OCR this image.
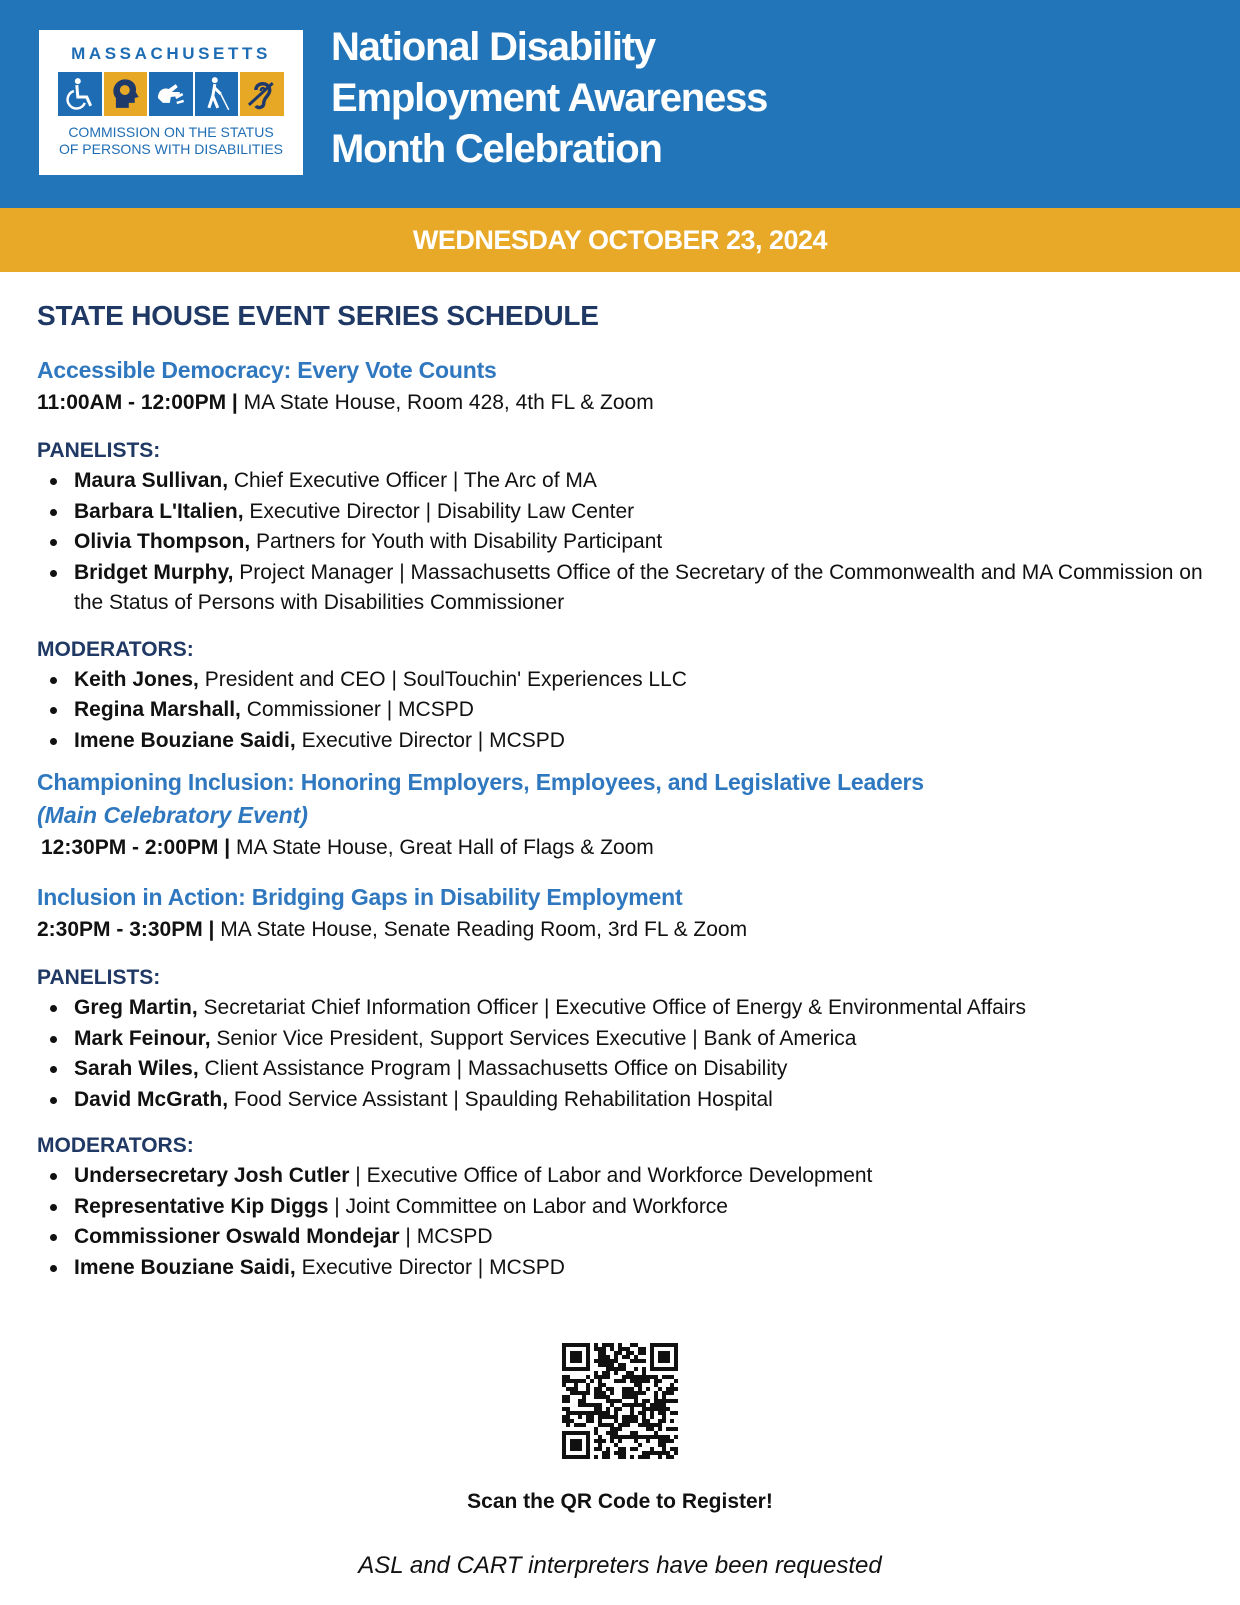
MASSACHUSETTS
COMMISSION ON THE STATUS
OF PERSONS WITH DISABILITIES
National Disability
Employment Awareness
Month Celebration
WEDNESDAY OCTOBER 23, 2024
STATE HOUSE EVENT SERIES SCHEDULE
Accessible Democracy: Every Vote Counts
11:00AM - 12:00PM | MA State House, Room 428, 4th FL & Zoom
PANELISTS:
Maura Sullivan, Chief Executive Officer | The Arc of MA
Barbara L'Italien, Executive Director | Disability Law Center
Olivia Thompson, Partners for Youth with Disability Participant
Bridget Murphy, Project Manager | Massachusetts Office of the Secretary of the Commonwealth and MA Commission on the Status of Persons with Disabilities Commissioner
MODERATORS:
Keith Jones, President and CEO | SoulTouchin' Experiences LLC
Regina Marshall, Commissioner | MCSPD
Imene Bouziane Saidi, Executive Director | MCSPD
Championing Inclusion: Honoring Employers, Employees, and Legislative Leaders
(Main Celebratory Event)
12:30PM - 2:00PM | MA State House, Great Hall of Flags & Zoom
Inclusion in Action: Bridging Gaps in Disability Employment
2:30PM - 3:30PM | MA State House, Senate Reading Room, 3rd FL & Zoom
PANELISTS:
Greg Martin, Secretariat Chief Information Officer | Executive Office of Energy & Environmental Affairs
Mark Feinour, Senior Vice President, Support Services Executive | Bank of America
Sarah Wiles, Client Assistance Program | Massachusetts Office on Disability
David McGrath, Food Service Assistant | Spaulding Rehabilitation Hospital
MODERATORS:
Undersecretary Josh Cutler | Executive Office of Labor and Workforce Development
Representative Kip Diggs | Joint Committee on Labor and Workforce
Commissioner Oswald Mondejar | MCSPD
Imene Bouziane Saidi, Executive Director | MCSPD
Scan the QR Code to Register!
ASL and CART interpreters have been requested
